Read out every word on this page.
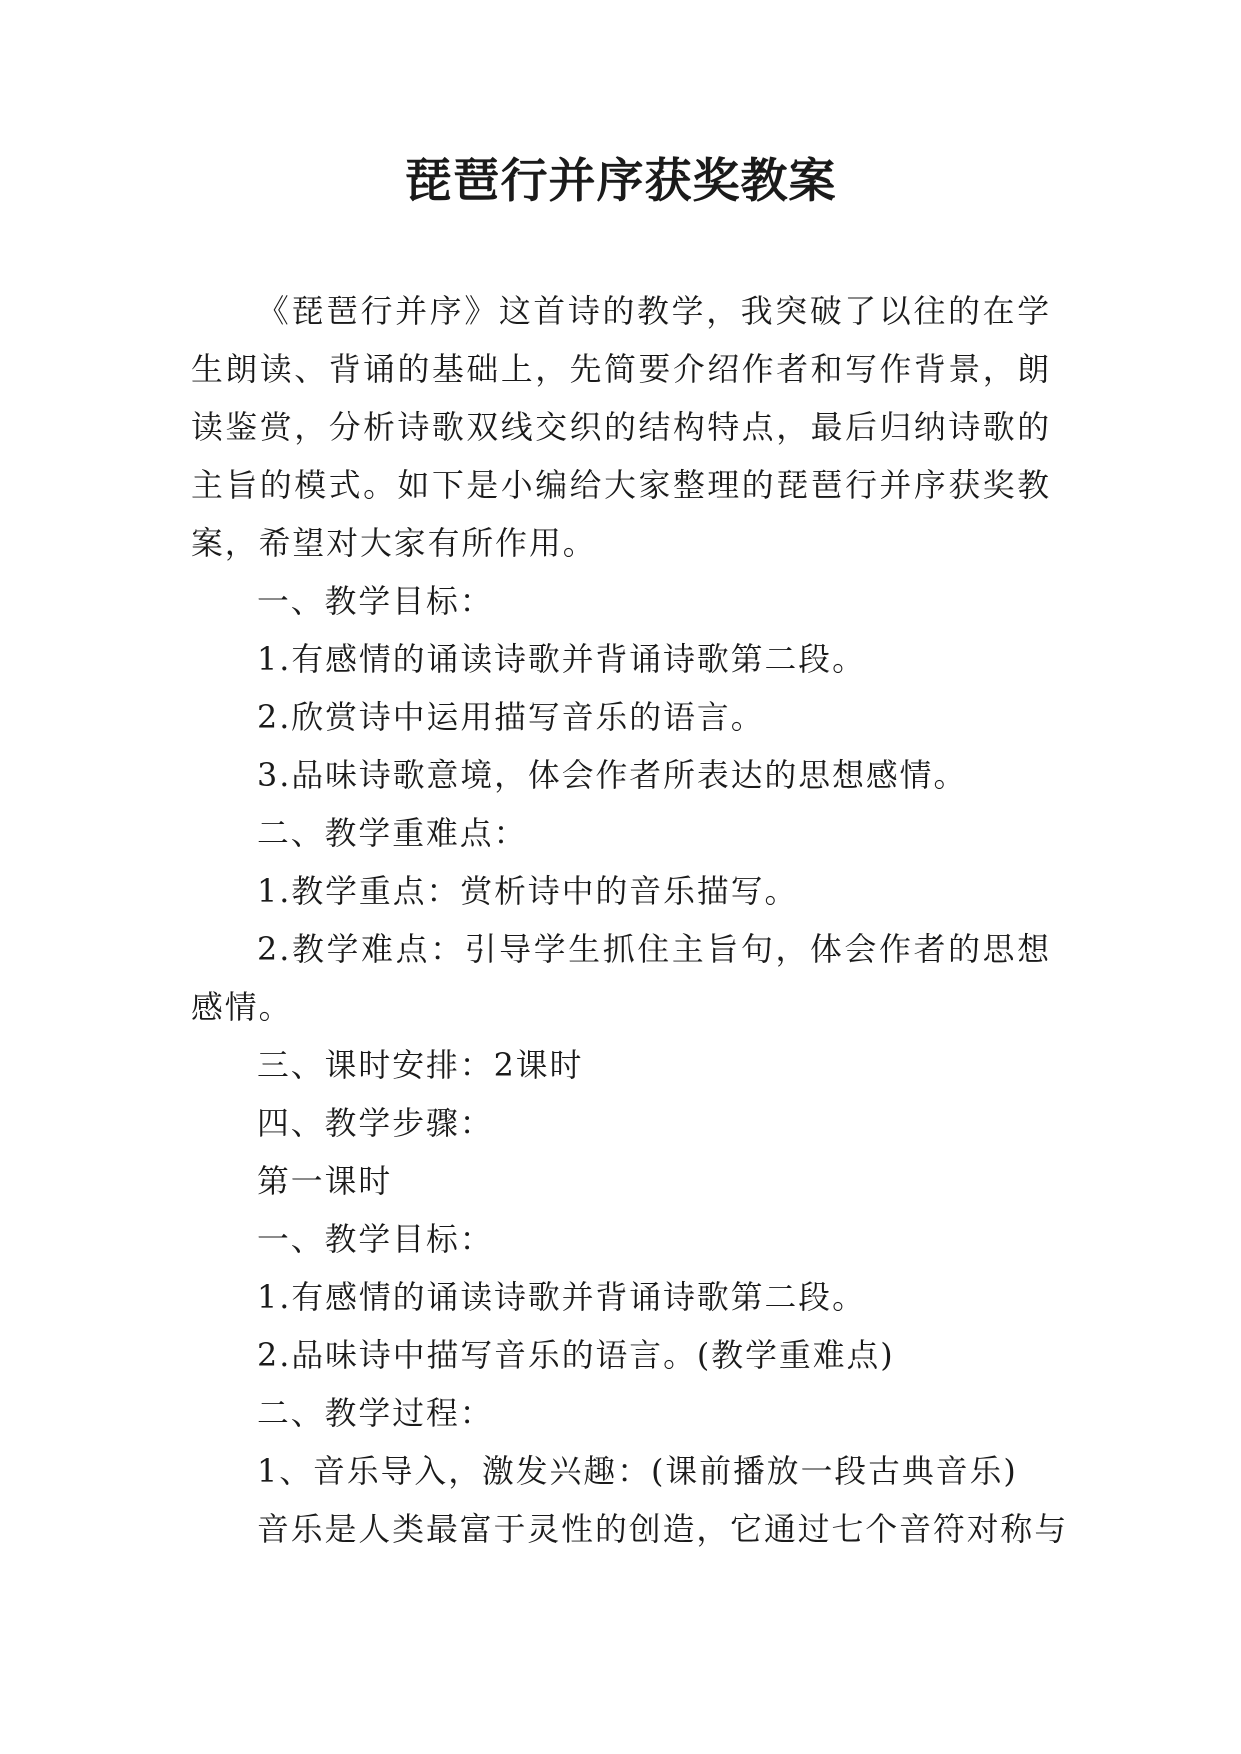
琵琶行并序获奖教案

《琵琶行并序》这首诗的教学，我突破了以往的在学生朗读、背诵的基础上，先简要介绍作者和写作背景，朗读鉴赏，分析诗歌双线交织的结构特点，最后归纳诗歌的主旨的模式。如下是小编给大家整理的琵琶行并序获奖教案，希望对大家有所作用。

一、教学目标：

1.有感情的诵读诗歌并背诵诗歌第二段。

2.欣赏诗中运用描写音乐的语言。

3.品味诗歌意境，体会作者所表达的思想感情。

二、教学重难点：

1.教学重点：赏析诗中的音乐描写。

2.教学难点：引导学生抓住主旨句，体会作者的思想感情。

三、课时安排：2课时

四、教学步骤：

第一课时

一、教学目标：

1.有感情的诵读诗歌并背诵诗歌第二段。

2.品味诗中描写音乐的语言。(教学重难点)

二、教学过程：

1、音乐导入，激发兴趣：(课前播放一段古典音乐)

音乐是人类最富于灵性的创造，它通过七个音符对称与
